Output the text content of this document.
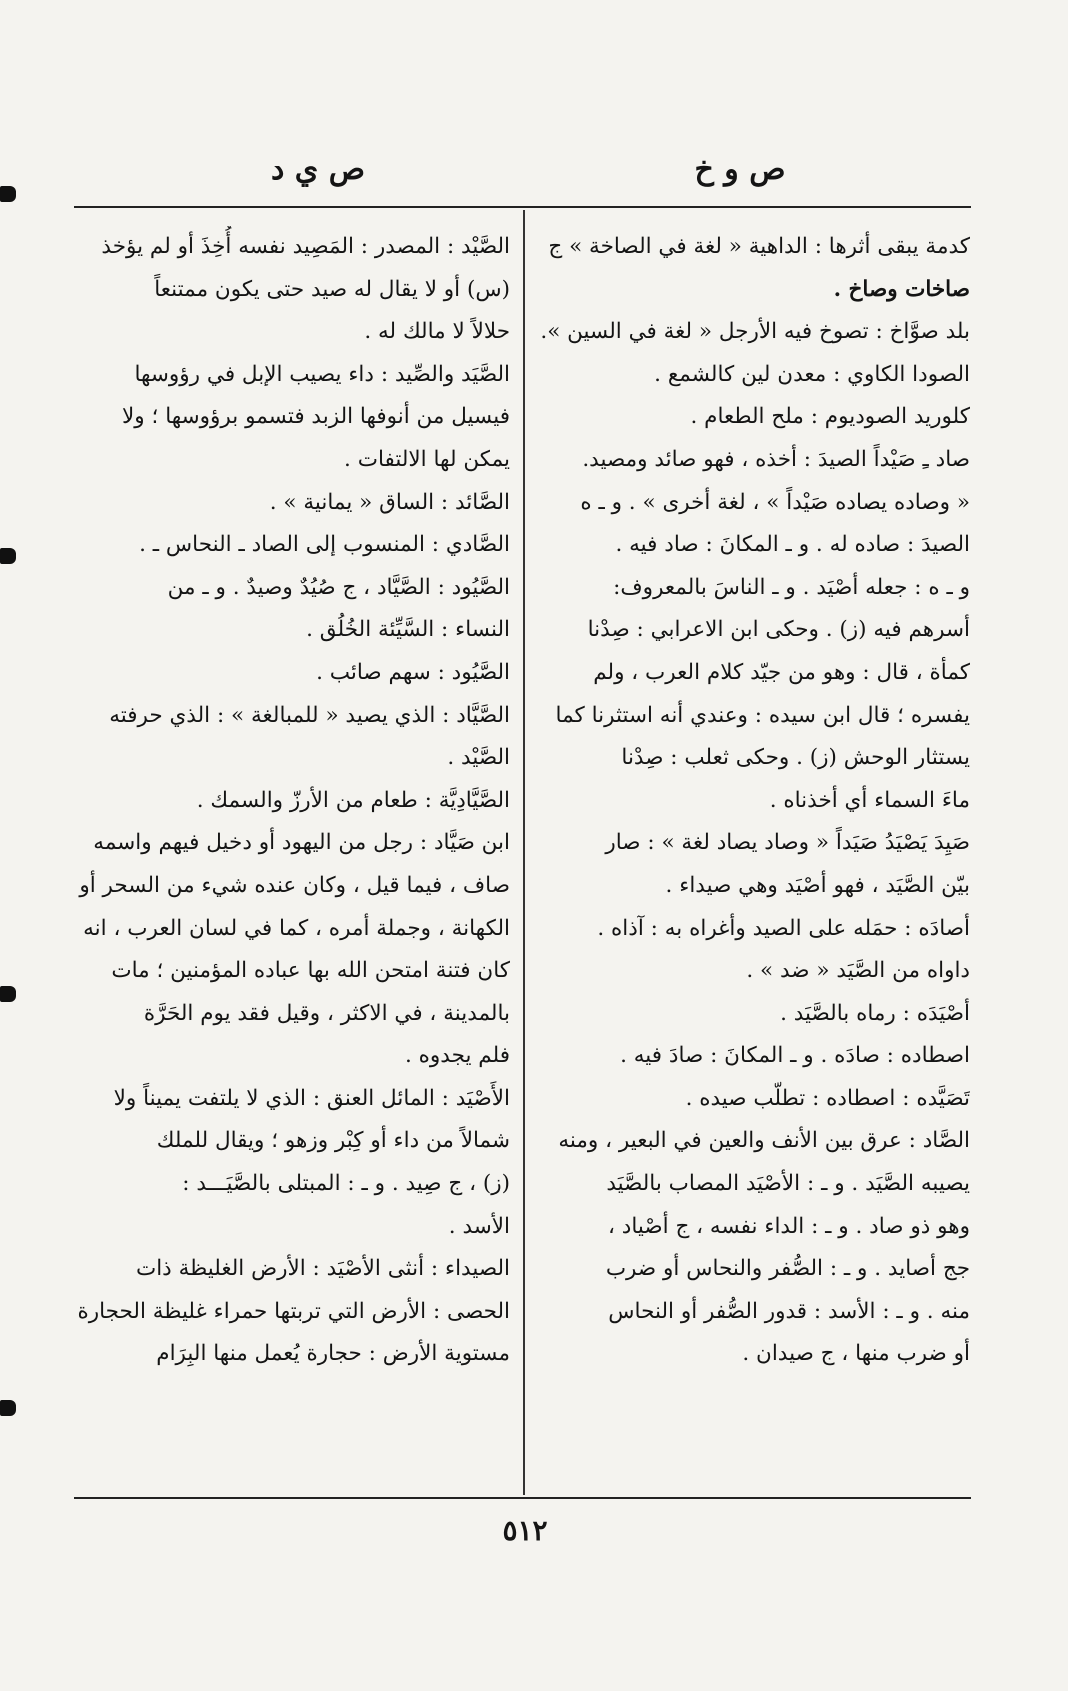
ص و خ
ص ي د
كدمة يبقى أثرها : الداهية « لغة في الصاخة » ج
صاخات وصاخ .
بلد صوَّاخ : تصوخ فيه الأرجل « لغة في السين ».
الصودا الكاوي : معدن لين كالشمع .
كلوريد الصوديوم : ملح الطعام .
صاد ـِ صَيْداً الصيدَ : أخذه ، فهو صائد ومصيد.
« وصاده يصاده صَيْداً » ، لغة أخرى » . و ـ ه
الصيدَ : صاده له . و ـ المكانَ : صاد فيه .
و ـ ه : جعله أصْيَد . و ـ الناسَ بالمعروف:
أسرهم فيه (ز) . وحكى ابن الاعرابي : صِدْنا
كمأة ، قال : وهو من جيّد كلام العرب ، ولم
يفسره ؛ قال ابن سيده : وعندي أنه استثرنا كما
يستثار الوحش (ز) . وحكى ثعلب : صِدْنا
ماءَ السماء أي أخذناه .
صَيِدَ يَصْيَدُ صَيَداً « وصاد يصاد لغة » : صار
بيّن الصَّيَد ، فهو أصْيَد وهي صيداء .
أصادَه : حمَله على الصيد وأغراه به : آذاه .
داواه من الصَّيَد « ضد » .
أصْيَدَه : رماه بالصَّيَد .
اصطاده : صادَه . و ـ المكانَ : صادَ فيه .
تَصَيَّده : اصطاده : تطلّب صيده .
الصَّاد : عرق بين الأنف والعين في البعير ، ومنه
يصيبه الصَّيَد . و ـ : الأصْيَد المصاب بالصَّيَد
وهو ذو صاد . و ـ : الداء نفسه ، ج أصْياد ،
جج أصايد . و ـ : الصُّفر والنحاس أو ضرب
منه . و ـ : الأسد : قدور الصُّفر أو النحاس
أو ضرب منها ، ج صيدان .
الصَّيْد : المصدر : المَصِيد نفسه أُخِذَ أو لم يؤخذ
(س) أو لا يقال له صيد حتى يكون ممتنعاً
حلالاً لا مالك له .
الصَّيَد والصِّيد : داء يصيب الإبل في رؤوسها
فيسيل من أنوفها الزبد فتسمو برؤوسها ؛ ولا
يمكن لها الالتفات .
الصَّائد : الساق « يمانية » .
الصَّادي : المنسوب إلى الصاد ـ النحاس ـ .
الصَّيُود : الصَّيَّاد ، ج صُيُدٌ وصيدٌ . و ـ من
النساء : السَّيِّئة الخُلُق .
الصَّيُود : سهم صائب .
الصَّيَّاد : الذي يصيد « للمبالغة » : الذي حرفته
الصَّيْد .
الصَّيَّادِيَّة : طعام من الأرزّ والسمك .
ابن صَيَّاد : رجل من اليهود أو دخيل فيهم واسمه
صاف ، فيما قيل ، وكان عنده شيء من السحر أو
الكهانة ، وجملة أمره ، كما في لسان العرب ، انه
كان فتنة امتحن الله بها عباده المؤمنين ؛ مات
بالمدينة ، في الاكثر ، وقيل فقد يوم الحَرَّة
فلم يجدوه .
الأَصْيَد : المائل العنق : الذي لا يلتفت يميناً ولا
شمالاً من داء أو كِبْر وزهو ؛ ويقال للملك
(ز) ، ج صِيد . و ـ : المبتلى بالصَّيَـــد :
الأسد .
الصيداء : أنثى الأصْيَد : الأرض الغليظة ذات
الحصى : الأرض التي تربتها حمراء غليظة الحجارة
مستوية الأرض : حجارة يُعمل منها البِرَام
٥١٢
